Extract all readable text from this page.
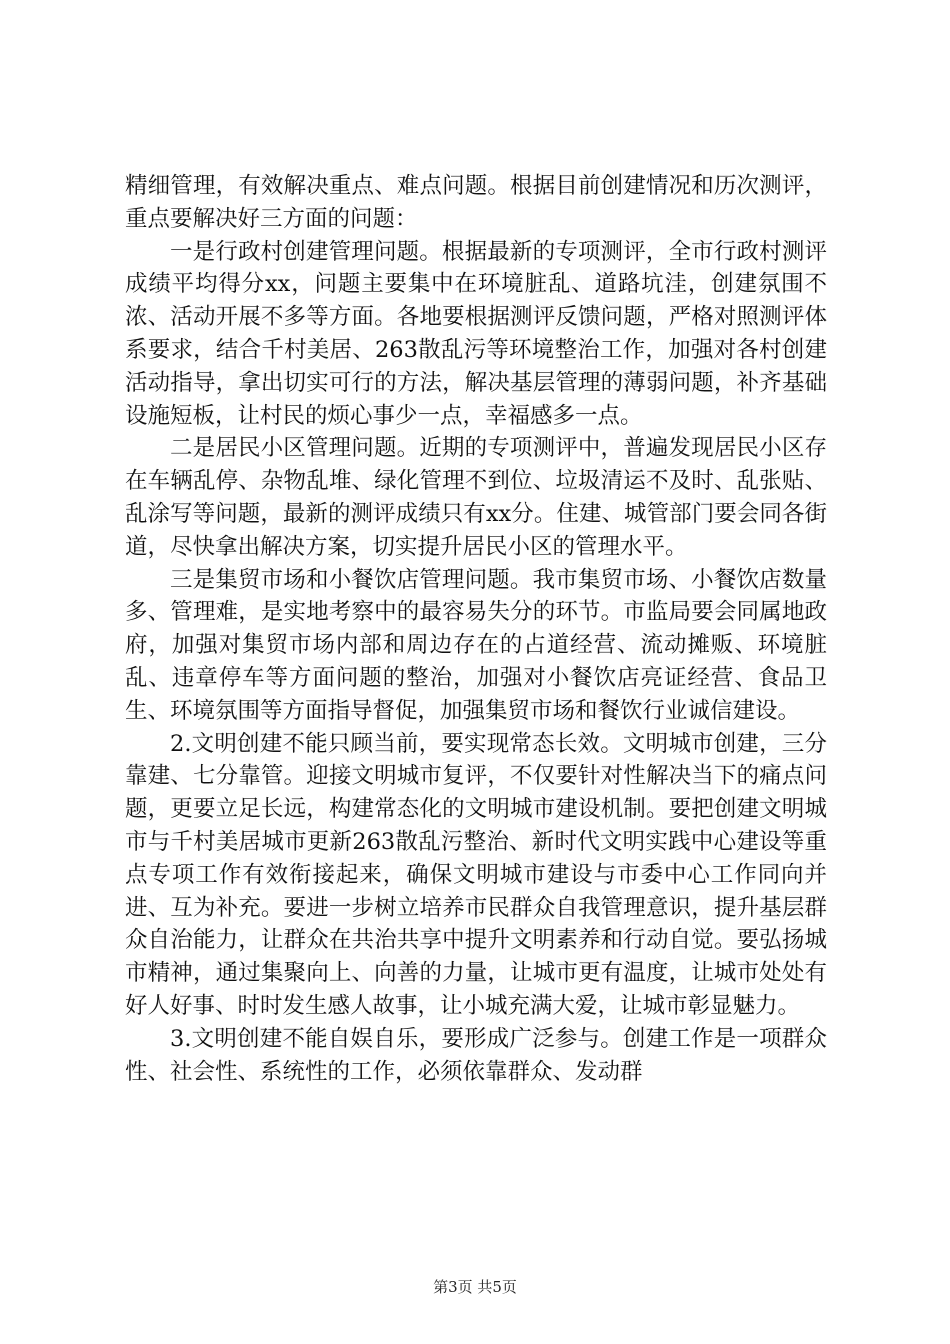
精细管理，有效解决重点、难点问题。根据目前创建情况和历次测评，重点要解决好三方面的问题：

一是行政村创建管理问题。根据最新的专项测评，全市行政村测评成绩平均得分xx，问题主要集中在环境脏乱、道路坑洼，创建氛围不浓、活动开展不多等方面。各地要根据测评反馈问题，严格对照测评体系要求，结合千村美居、263散乱污等环境整治工作，加强对各村创建活动指导，拿出切实可行的方法，解决基层管理的薄弱问题，补齐基础设施短板，让村民的烦心事少一点，幸福感多一点。

二是居民小区管理问题。近期的专项测评中，普遍发现居民小区存在车辆乱停、杂物乱堆、绿化管理不到位、垃圾清运不及时、乱张贴、乱涂写等问题，最新的测评成绩只有xx分。住建、城管部门要会同各街道，尽快拿出解决方案，切实提升居民小区的管理水平。

三是集贸市场和小餐饮店管理问题。我市集贸市场、小餐饮店数量多、管理难，是实地考察中的最容易失分的环节。市监局要会同属地政府，加强对集贸市场内部和周边存在的占道经营、流动摊贩、环境脏乱、违章停车等方面问题的整治，加强对小餐饮店亮证经营、食品卫生、环境氛围等方面指导督促，加强集贸市场和餐饮行业诚信建设。

2.文明创建不能只顾当前，要实现常态长效。文明城市创建，三分靠建、七分靠管。迎接文明城市复评，不仅要针对性解决当下的痛点问题，更要立足长远，构建常态化的文明城市建设机制。要把创建文明城市与千村美居城市更新263散乱污整治、新时代文明实践中心建设等重点专项工作有效衔接起来，确保文明城市建设与市委中心工作同向并进、互为补充。要进一步树立培养市民群众自我管理意识，提升基层群众自治能力，让群众在共治共享中提升文明素养和行动自觉。要弘扬城市精神，通过集聚向上、向善的力量，让城市更有温度，让城市处处有好人好事、时时发生感人故事，让小城充满大爱，让城市彰显魅力。

3.文明创建不能自娱自乐，要形成广泛参与。创建工作是一项群众性、社会性、系统性的工作，必须依靠群众、发动群

第3页 共5页
